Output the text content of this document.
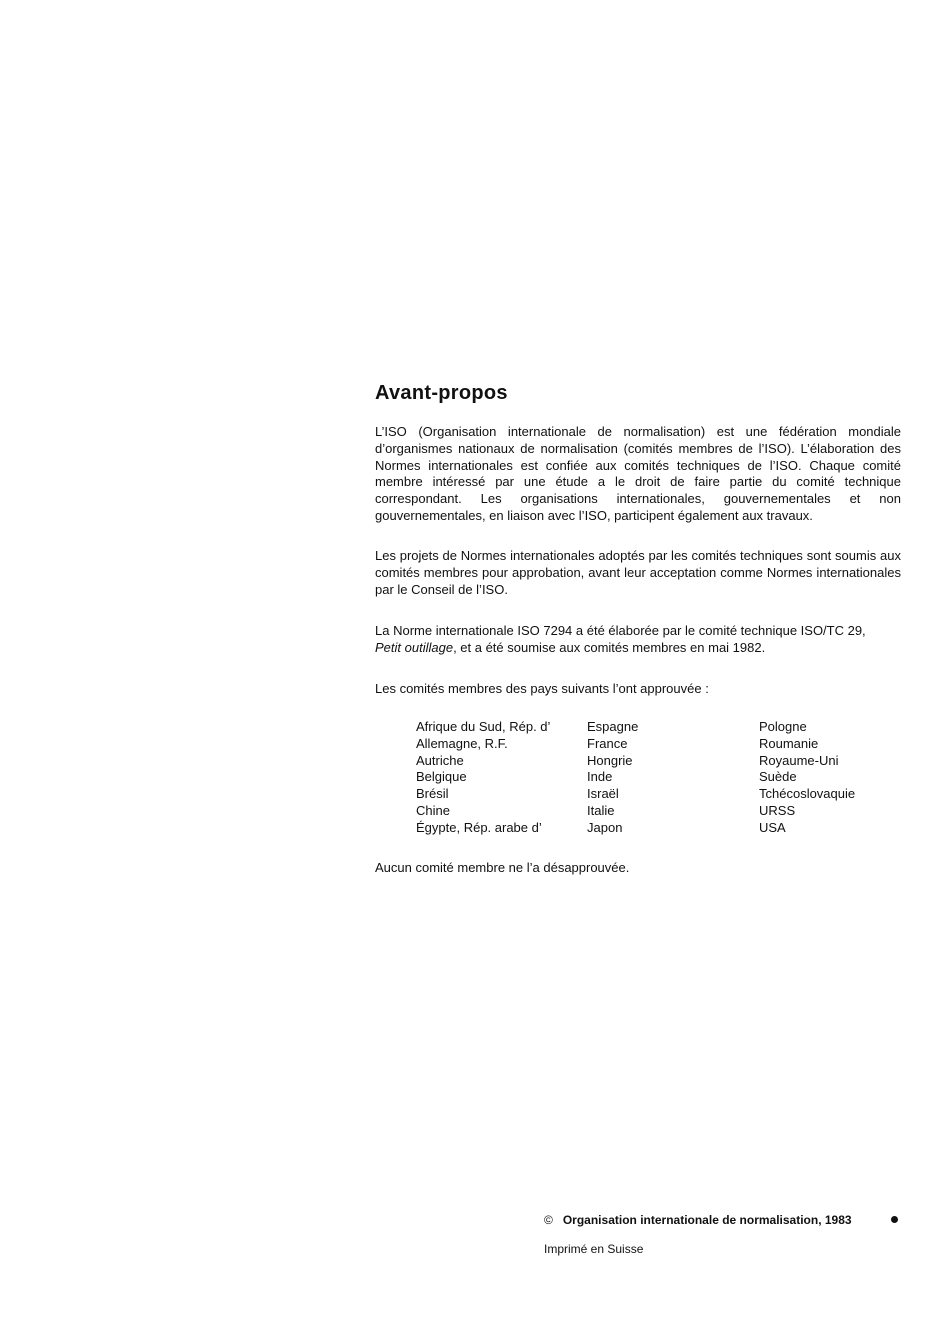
Avant-propos

L’ISO (Organisation internationale de normalisation) est une fédération mondiale d’organismes nationaux de normalisation (comités membres de l’ISO). L’élaboration des Normes internationales est confiée aux comités techniques de l’ISO. Chaque comité membre intéressé par une étude a le droit de faire partie du comité technique correspondant. Les organisations internationales, gouvernementales et non gouvernementales, en liaison avec l’ISO, participent également aux travaux.

Les projets de Normes internationales adoptés par les comités techniques sont soumis aux comités membres pour approbation, avant leur acceptation comme Normes internationales par le Conseil de l’ISO.

La Norme internationale ISO 7294 a été élaborée par le comité technique ISO/TC 29,
Petit outillage, et a été soumise aux comités membres en mai 1982.

Les comités membres des pays suivants l’ont approuvée :

Afrique du Sud, Rép. d’
Allemagne, R.F.
Autriche
Belgique
Brésil
Chine
Égypte, Rép. arabe d’
Espagne
France
Hongrie
Inde
Israël
Italie
Japon
Pologne
Roumanie
Royaume-Uni
Suède
Tchécoslovaquie
URSS
USA

Aucun comité membre ne l’a désapprouvée.

© Organisation internationale de normalisation, 1983
Imprimé en Suisse
